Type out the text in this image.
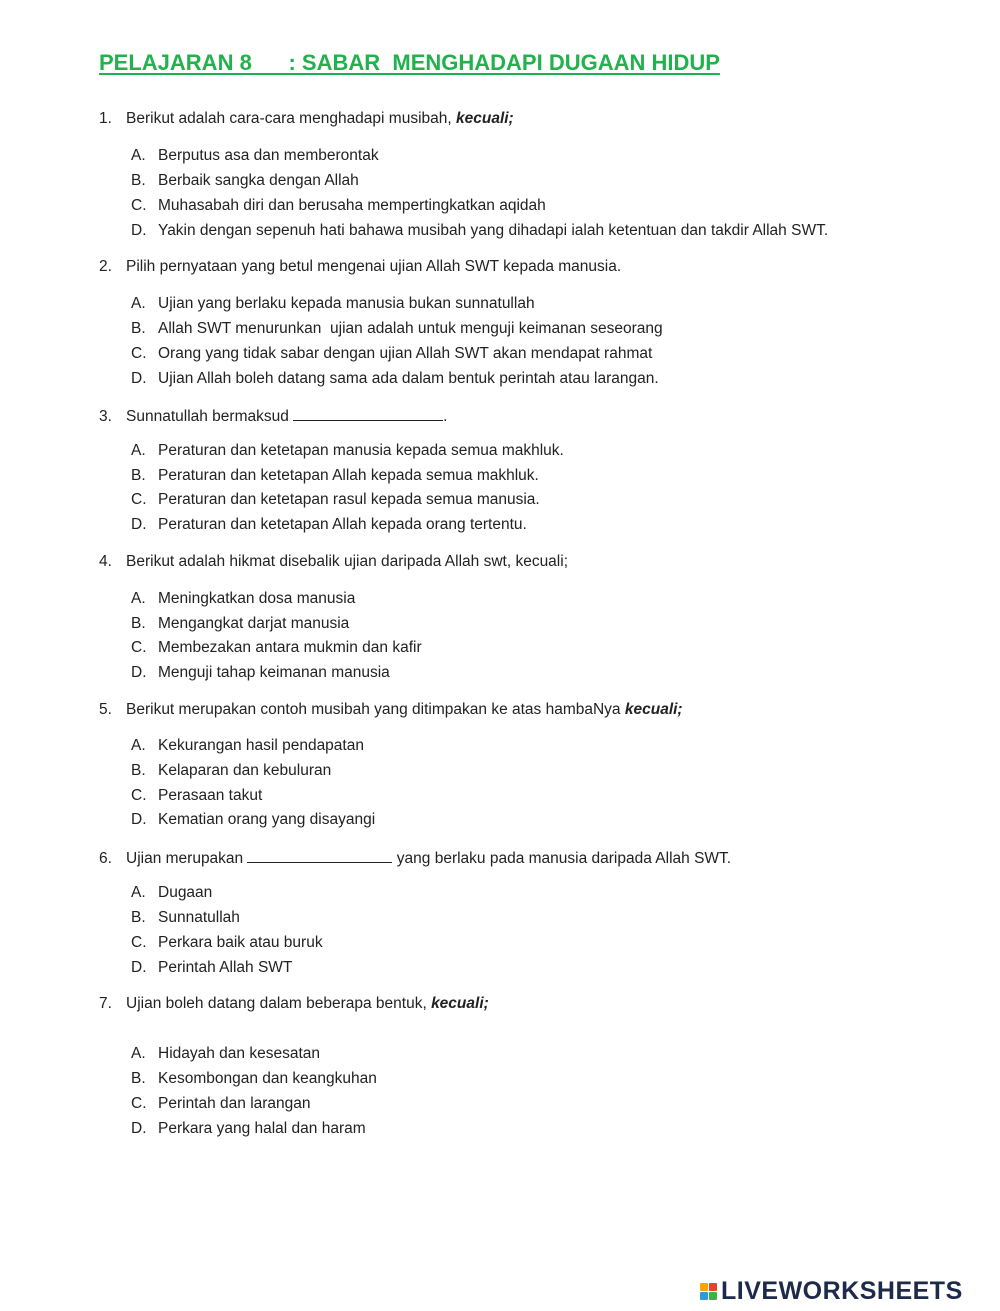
PELAJARAN 8      : SABAR  MENGHADAPI DUGAAN HIDUP
1. Berikut adalah cara-cara menghadapi musibah, kecuali;
A. Berputus asa dan memberontak
B. Berbaik sangka dengan Allah
C. Muhasabah diri dan berusaha mempertingkatkan aqidah
D. Yakin dengan sepenuh hati bahawa musibah yang dihadapi ialah ketentuan dan takdir Allah SWT.
2. Pilih pernyataan yang betul mengenai ujian Allah SWT kepada manusia.
A. Ujian yang berlaku kepada manusia bukan sunnatullah
B. Allah SWT menurunkan  ujian adalah untuk menguji keimanan seseorang
C. Orang yang tidak sabar dengan ujian Allah SWT akan mendapat rahmat
D. Ujian Allah boleh datang sama ada dalam bentuk perintah atau larangan.
3. Sunnatullah bermaksud	.
A. Peraturan dan ketetapan manusia kepada semua makhluk.
B. Peraturan dan ketetapan Allah kepada semua makhluk.
C. Peraturan dan ketetapan rasul kepada semua manusia.
D. Peraturan dan ketetapan Allah kepada orang tertentu.
4. Berikut adalah hikmat disebalik ujian daripada Allah swt, kecuali;
A. Meningkatkan dosa manusia
B. Mengangkat darjat manusia
C. Membezakan antara mukmin dan kafir
D. Menguji tahap keimanan manusia
5. Berikut merupakan contoh musibah yang ditimpakan ke atas hambaNya kecuali;
A. Kekurangan hasil pendapatan
B. Kelaparan dan kebuluran
C. Perasaan takut
D. Kematian orang yang disayangi
6. Ujian merupakan	yang berlaku pada manusia daripada Allah SWT.
A. Dugaan
B. Sunnatullah
C. Perkara baik atau buruk
D. Perintah Allah SWT
7. Ujian boleh datang dalam beberapa bentuk, kecuali;
A. Hidayah dan kesesatan
B. Kesombongan dan keangkuhan
C. Perintah dan larangan
D. Perkara yang halal dan haram
LIVEWORKSHEETS
